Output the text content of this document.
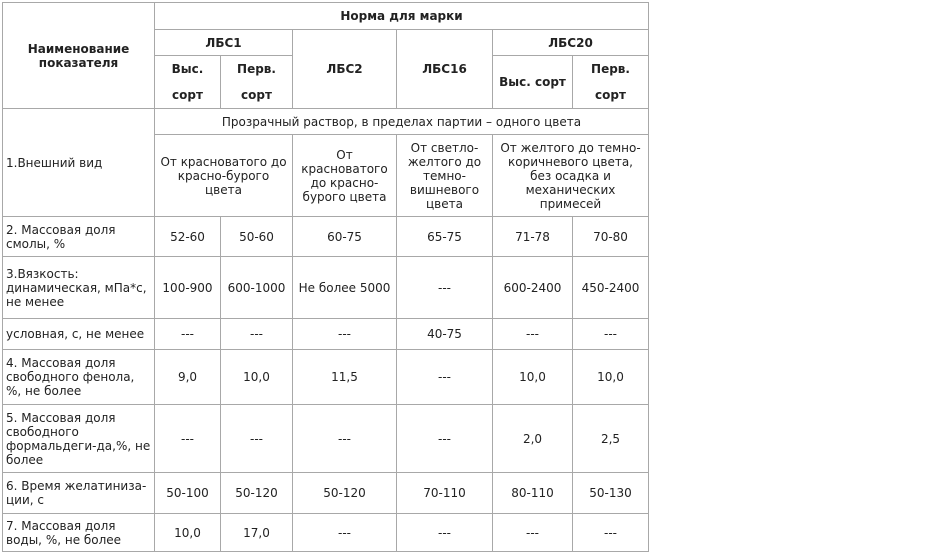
Наименование показателя	Норма для марки					
	ЛБС1		ЛБС2	ЛБС16	ЛБС20	
	Выс. сорт	Перв. сорт			Выс. сорт	Перв. сорт
1.Внешний вид	Прозрачный раствор, в пределах партии – одного цвета					
	От красноватого до красно-бурого цвета		От красноватого до красно-бурого цвета	От светло-желтого до темно-вишневого цвета	От желтого до темно-коричневого цвета, без осадка и механических примесей	
2. Массовая доля смолы, %	52-60	50-60	60-75	65-75	71-78	70-80
3.Вязкость: динамическая, мПа*с, не менее	100-900	600-1000	Не более 5000	---	600-2400	450-2400
условная, с, не менее	---	---	---	40-75	---	---
4. Массовая доля свободного фенола, %, не более	9,0	10,0	11,5	---	10,0	10,0
5. Массовая доля свободного формальдеги-да,%, не более	---	---	---	---	2,0	2,5
6. Время желатиниза-ции, с	50-100	50-120	50-120	70-110	80-110	50-130
7. Массовая доля воды, %, не более	10,0	17,0	---	---	---	---
